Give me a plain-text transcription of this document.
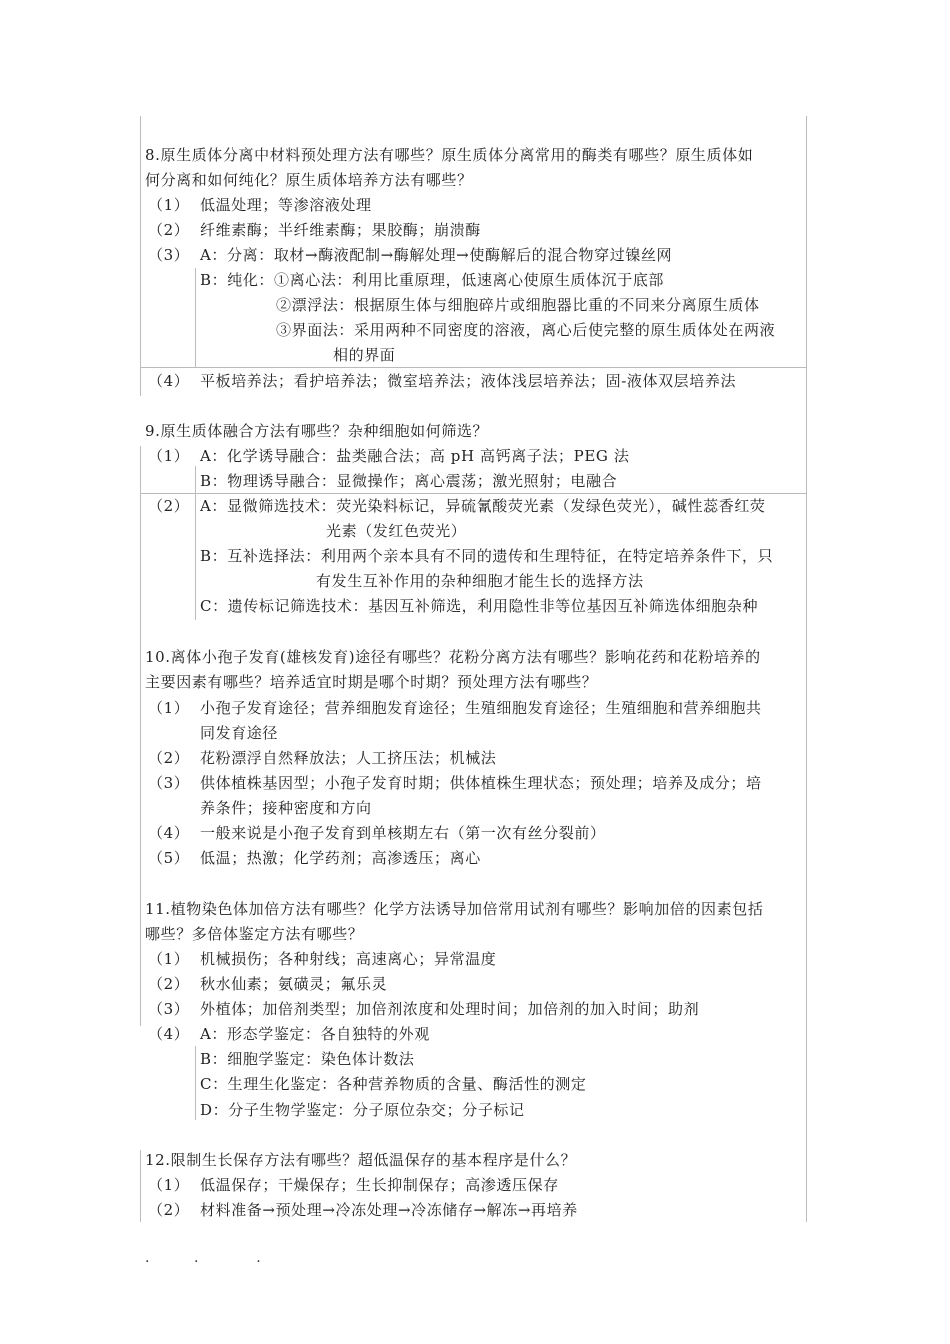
8.原生质体分离中材料预处理方法有哪些？原生质体分离常用的酶类有哪些？原生质体如
何分离和如何纯化？原生质体培养方法有哪些？
（1） 低温处理；等渗溶液处理
（2） 纤维素酶；半纤维素酶；果胶酶；崩溃酶
（3） A：分离：取材→酶液配制→酶解处理→使酶解后的混合物穿过镍丝网
B：纯化：①离心法：利用比重原理，低速离心使原生质体沉于底部
②漂浮法：根据原生体与细胞碎片或细胞器比重的不同来分离原生质体
③界面法：采用两种不同密度的溶液，离心后使完整的原生质体处在两液
相的界面
（4） 平板培养法；看护培养法；微室培养法；液体浅层培养法；固-液体双层培养法
9.原生质体融合方法有哪些？杂种细胞如何筛选？
（1） A：化学诱导融合：盐类融合法；高 pH 高钙离子法；PEG 法
B：物理诱导融合：显微操作；离心震荡；激光照射；电融合
（2） A：显微筛选技术：荧光染料标记，异硫氰酸荧光素（发绿色荧光），碱性蕊香红荧
光素（发红色荧光）
B：互补选择法：利用两个亲本具有不同的遗传和生理特征，在特定培养条件下，只
有发生互补作用的杂种细胞才能生长的选择方法
C：遗传标记筛选技术：基因互补筛选，利用隐性非等位基因互补筛选体细胞杂种
10.离体小孢子发育(雄核发育)途径有哪些？花粉分离方法有哪些？影响花药和花粉培养的
主要因素有哪些？培养适宜时期是哪个时期？预处理方法有哪些？
（1） 小孢子发育途径；营养细胞发育途径；生殖细胞发育途径；生殖细胞和营养细胞共
同发育途径
（2） 花粉漂浮自然释放法；人工挤压法；机械法
（3） 供体植株基因型；小孢子发育时期；供体植株生理状态；预处理；培养及成分；培
养条件；接种密度和方向
（4） 一般来说是小孢子发育到单核期左右（第一次有丝分裂前）
（5） 低温；热激；化学药剂；高渗透压；离心
11.植物染色体加倍方法有哪些？化学方法诱导加倍常用试剂有哪些？影响加倍的因素包括
哪些？多倍体鉴定方法有哪些？
（1） 机械损伤；各种射线；高速离心；异常温度
（2） 秋水仙素；氨磺灵；氟乐灵
（3） 外植体；加倍剂类型；加倍剂浓度和处理时间；加倍剂的加入时间；助剂
（4） A：形态学鉴定：各自独特的外观
B：细胞学鉴定：染色体计数法
C：生理生化鉴定：各种营养物质的含量、酶活性的测定
D：分子生物学鉴定：分子原位杂交；分子标记
12.限制生长保存方法有哪些？超低温保存的基本程序是什么？
（1） 低温保存；干燥保存；生长抑制保存；高渗透压保存
（2） 材料准备→预处理→冷冻处理→冷冻储存→解冻→再培养
.          .             .
